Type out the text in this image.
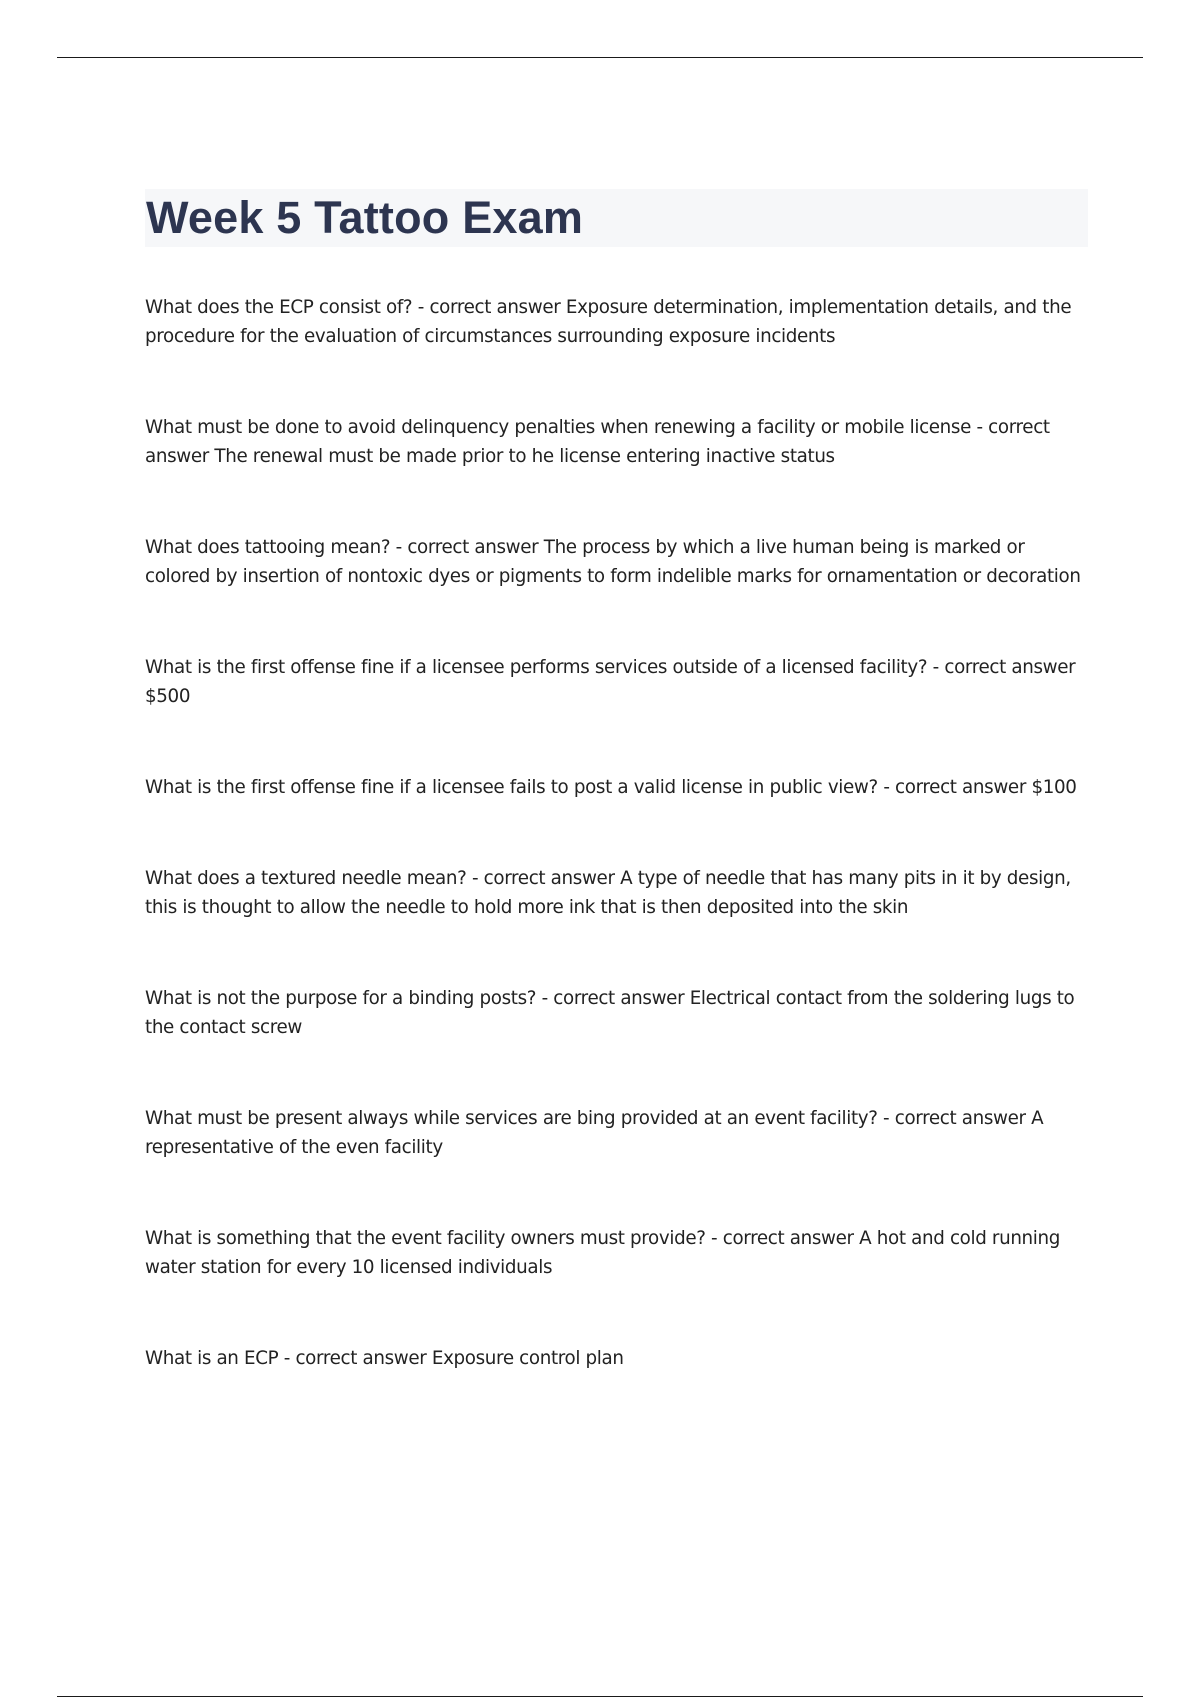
Week 5 Tattoo Exam
What does the ECP consist of? - correct answer Exposure determination, implementation details, and the procedure for the evaluation of circumstances surrounding exposure incidents
What must be done to avoid delinquency penalties when renewing a facility or mobile license - correct answer The renewal must be made prior to he license entering inactive status
What does tattooing mean? - correct answer The process by which a live human being is marked or colored by insertion of nontoxic dyes or pigments to form indelible marks for ornamentation or decoration
What is the first offense fine if a licensee performs services outside of a licensed facility? - correct answer $500
What is the first offense fine if a licensee fails to post a valid license in public view? - correct answer $100
What does a textured needle mean? - correct answer A type of needle that has many pits in it by design, this is thought to allow the needle to hold more ink that is then deposited into the skin
What is not the purpose for a binding posts? - correct answer Electrical contact from the soldering lugs to the contact screw
What must be present always while services are bing provided at an event facility? - correct answer A representative of the even facility
What is something that the event facility owners must provide? - correct answer A hot and cold running water station for every 10 licensed individuals
What is an ECP - correct answer Exposure control plan
